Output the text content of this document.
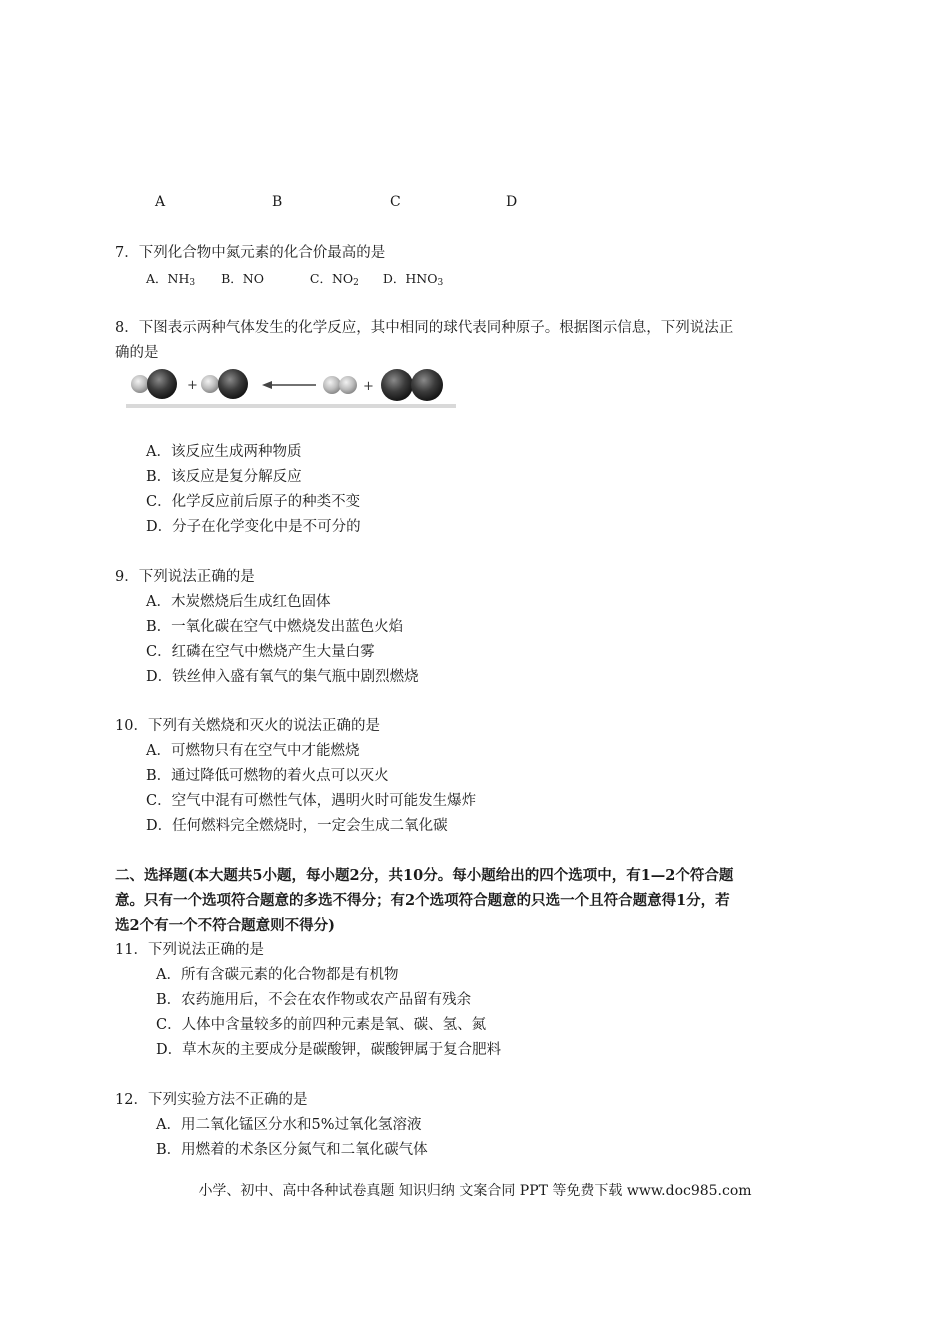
A	B	C	D
7．下列化合物中氮元素的化合价最高的是
A．$NH_3$ B．NO	C．$NO_2$ D．$HNO_3$
8．下图表示两种气体发生的化学反应，其中相同的球代表同种原子。根据图示信息，下列说法正
确的是
+	+
A．该反应生成两种物质
B．该反应是复分解反应
C．化学反应前后原子的种类不变
D．分子在化学变化中是不可分的
9．下列说法正确的是
A．木炭燃烧后生成红色固体
B．一氧化碳在空气中燃烧发出蓝色火焰
C．红磷在空气中燃烧产生大量白雾
D．铁丝伸入盛有氧气的集气瓶中剧烈燃烧
10．下列有关燃烧和灭火的说法正确的是
A．可燃物只有在空气中才能燃烧
B．通过降低可燃物的着火点可以灭火
C．空气中混有可燃性气体，遇明火时可能发生爆炸
D．任何燃料完全燃烧时，一定会生成二氧化碳
二、选择题(本大题共5小题，每小题2分，共10分。每小题给出的四个选项中，有1—2个符合题
意。只有一个选项符合题意的多选不得分；有2个选项符合题意的只选一个且符合题意得1分，若
选2个有一个不符合题意则不得分)
11．下列说法正确的是
A．所有含碳元素的化合物都是有机物
B．农药施用后，不会在农作物或农产品留有残余
C．人体中含量较多的前四种元素是氧、碳、氢、氮
D．草木灰的主要成分是碳酸钾，碳酸钾属于复合肥料
12．下列实验方法不正确的是
A．用二氧化锰区分水和5%过氧化氢溶液
B．用燃着的术条区分氮气和二氧化碳气体
小学、初中、高中各种试卷真题 知识归纳 文案合同 PPT 等免费下载 www.doc985.com
